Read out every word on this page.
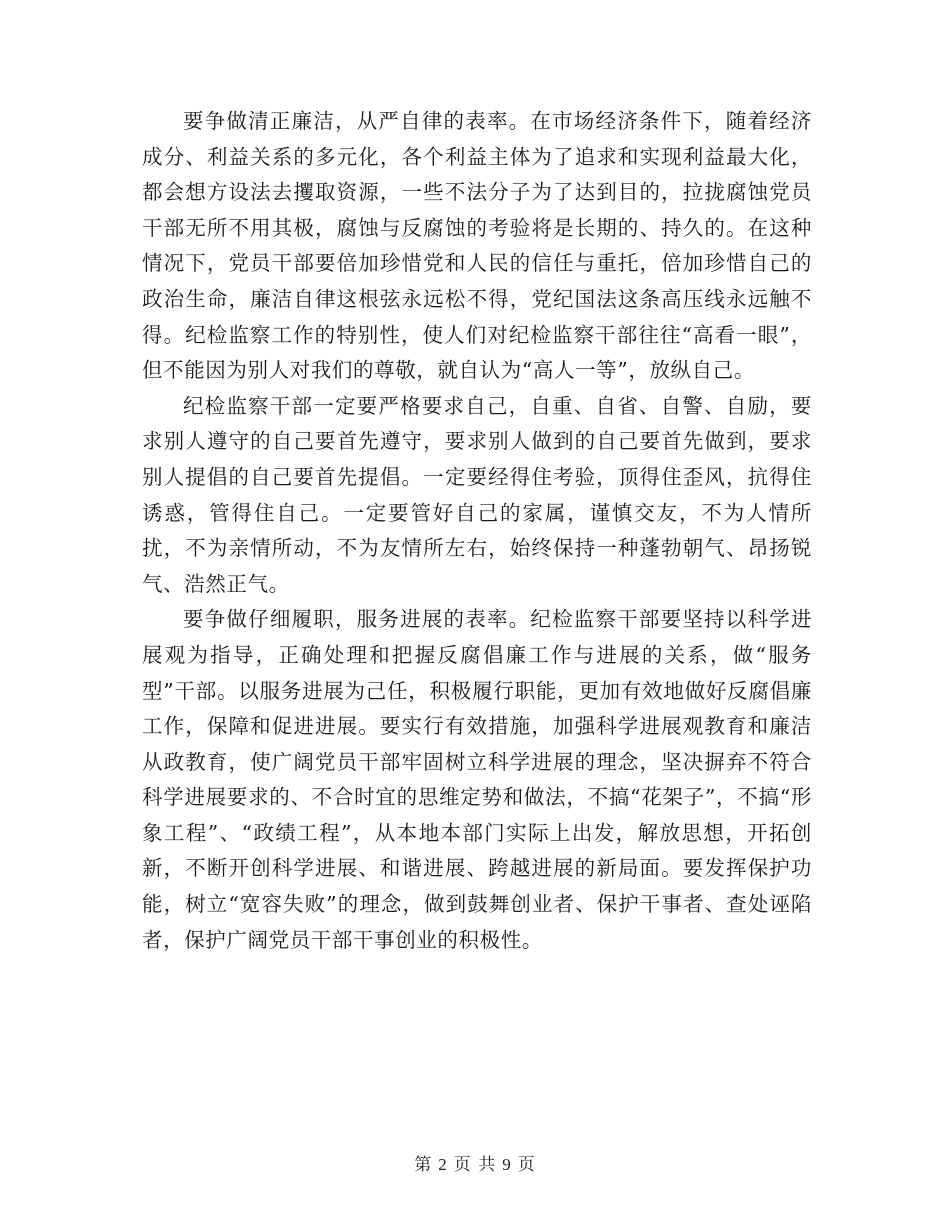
要争做清正廉洁，从严自律的表率。在市场经济条件下，随着经济成分、利益关系的多元化，各个利益主体为了追求和实现利益最大化，都会想方设法去攫取资源，一些不法分子为了达到目的，拉拢腐蚀党员干部无所不用其极，腐蚀与反腐蚀的考验将是长期的、持久的。在这种情况下，党员干部要倍加珍惜党和人民的信任与重托，倍加珍惜自己的政治生命，廉洁自律这根弦永远松不得，党纪国法这条高压线永远触不得。纪检监察工作的特别性，使人们对纪检监察干部往往“高看一眼”，但不能因为别人对我们的尊敬，就自认为“高人一等”，放纵自己。

纪检监察干部一定要严格要求自己，自重、自省、自警、自励，要求别人遵守的自己要首先遵守，要求别人做到的自己要首先做到，要求别人提倡的自己要首先提倡。一定要经得住考验，顶得住歪风，抗得住诱惑，管得住自己。一定要管好自己的家属，谨慎交友，不为人情所扰，不为亲情所动，不为友情所左右，始终保持一种蓬勃朝气、昂扬锐气、浩然正气。

要争做仔细履职，服务进展的表率。纪检监察干部要坚持以科学进展观为指导，正确处理和把握反腐倡廉工作与进展的关系，做“服务型”干部。以服务进展为己任，积极履行职能，更加有效地做好反腐倡廉工作，保障和促进进展。要实行有效措施，加强科学进展观教育和廉洁从政教育，使广阔党员干部牢固树立科学进展的理念，坚决摒弃不符合科学进展要求的、不合时宜的思维定势和做法，不搞“花架子”，不搞“形象工程”、“政绩工程”，从本地本部门实际上出发，解放思想，开拓创新，不断开创科学进展、和谐进展、跨越进展的新局面。要发挥保护功能，树立“宽容失败”的理念，做到鼓舞创业者、保护干事者、查处诬陷者，保护广阔党员干部干事创业的积极性。

第 2 页 共 9 页
